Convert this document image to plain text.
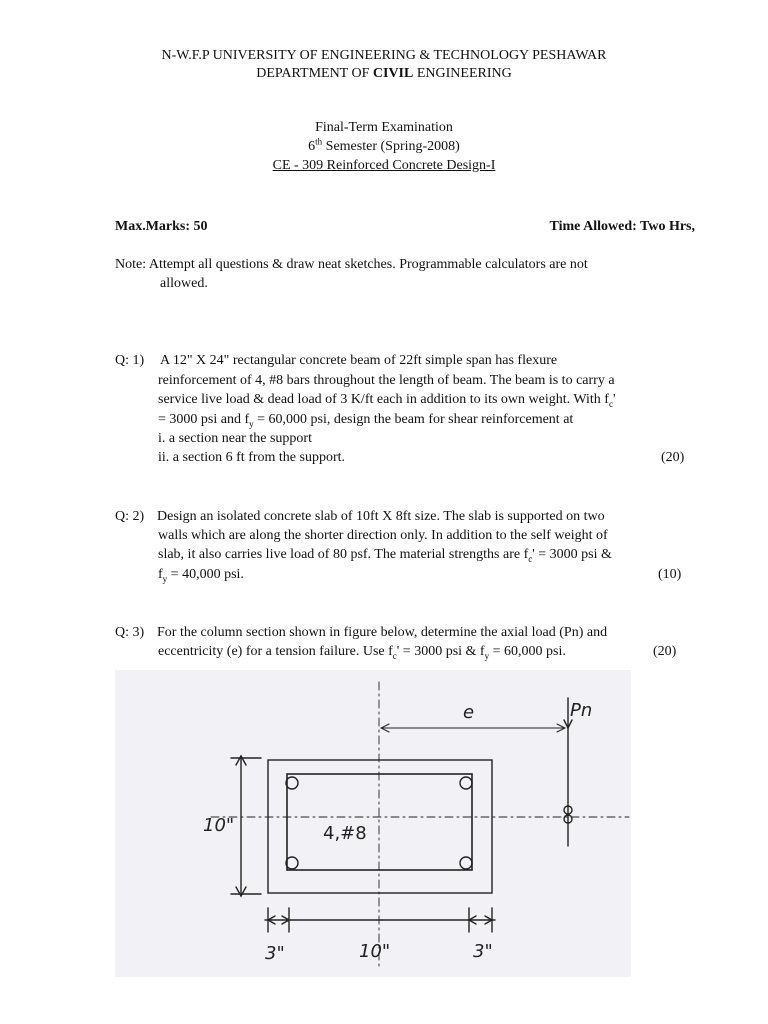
N-W.F.P UNIVERSITY OF ENGINEERING & TECHNOLOGY PESHAWAR
DEPARTMENT OF CIVIL ENGINEERING
Final-Term Examination
6th Semester (Spring-2008)
CE - 309 Reinforced Concrete Design-I
Max.Marks: 50	Time Allowed: Two Hrs,
Note: Attempt all questions & draw neat sketches. Programmable calculators are not
allowed.
Q: 1) A 12" X 24" rectangular concrete beam of 22ft simple span has flexure
reinforcement of 4, #8 bars throughout the length of beam. The beam is to carry a
service live load & dead load of 3 K/ft each in addition to its own weight. With $f_c'$
= 3000 psi and $f_y = 60,000$ psi, design the beam for shear reinforcement at
i. a section near the support
ii. a section 6 ft from the support.	(20)
Q: 2) Design an isolated concrete slab of 10ft X 8ft size. The slab is supported on two
walls which are along the shorter direction only. In addition to the self weight of
slab, it also carries live load of 80 psf. The material strengths are $f_c' = 3000$ psi &
$f_y = 40,000$ psi.	(10)
Q: 3) For the column section shown in figure below, determine the axial load (Pn) and
eccentricity (e) for a tension failure. Use $f_c' = 3000$ psi & $f_y = 60,000$ psi.	(20)
e	Pn
10"	4,#8
3"	10"	3"
